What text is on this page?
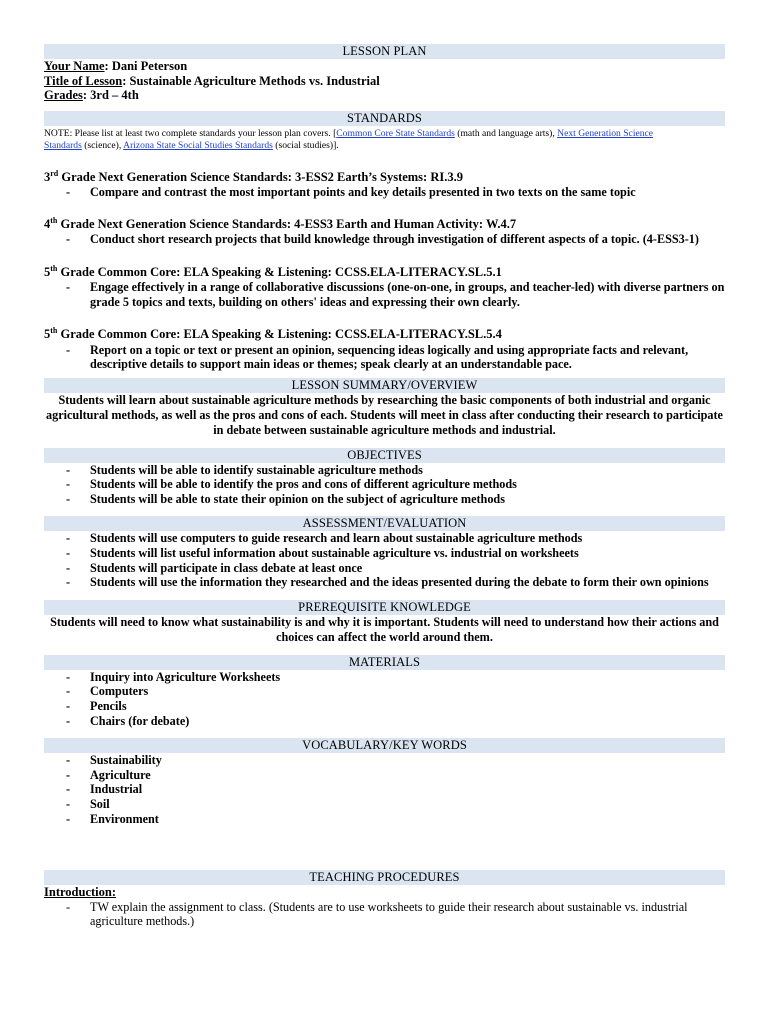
LESSON PLAN
Your Name: Dani Peterson
Title of Lesson: Sustainable Agriculture Methods vs. Industrial
Grades: 3rd – 4th
STANDARDS
NOTE: Please list at least two complete standards your lesson plan covers. [Common Core State Standards (math and language arts), Next Generation Science
Standards (science), Arizona State Social Studies Standards (social studies)].
3rd Grade Next Generation Science Standards: 3-ESS2 Earth’s Systems: RI.3.9
- Compare and contrast the most important points and key details presented in two texts on the same topic
4th Grade Next Generation Science Standards: 4-ESS3 Earth and Human Activity: W.4.7
- Conduct short research projects that build knowledge through investigation of different aspects of a topic. (4-ESS3-1)
5th Grade Common Core: ELA Speaking & Listening: CCSS.ELA-LITERACY.SL.5.1
- Engage effectively in a range of collaborative discussions (one-on-one, in groups, and teacher-led) with diverse partners on grade 5 topics and texts, building on others' ideas and expressing their own clearly.
5th Grade Common Core: ELA Speaking & Listening: CCSS.ELA-LITERACY.SL.5.4
- Report on a topic or text or present an opinion, sequencing ideas logically and using appropriate facts and relevant, descriptive details to support main ideas or themes; speak clearly at an understandable pace.
LESSON SUMMARY/OVERVIEW
Students will learn about sustainable agriculture methods by researching the basic components of both industrial and organic agricultural methods, as well as the pros and cons of each. Students will meet in class after conducting their research to participate in debate between sustainable agriculture methods and industrial.
OBJECTIVES
- Students will be able to identify sustainable agriculture methods
- Students will be able to identify the pros and cons of different agriculture methods
- Students will be able to state their opinion on the subject of agriculture methods
ASSESSMENT/EVALUATION
- Students will use computers to guide research and learn about sustainable agriculture methods
- Students will list useful information about sustainable agriculture vs. industrial on worksheets
- Students will participate in class debate at least once
- Students will use the information they researched and the ideas presented during the debate to form their own opinions
PREREQUISITE KNOWLEDGE
Students will need to know what sustainability is and why it is important. Students will need to understand how their actions and choices can affect the world around them.
MATERIALS
- Inquiry into Agriculture Worksheets
- Computers
- Pencils
- Chairs (for debate)
VOCABULARY/KEY WORDS
- Sustainability
- Agriculture
- Industrial
- Soil
- Environment
TEACHING PROCEDURES
Introduction:
- TW explain the assignment to class. (Students are to use worksheets to guide their research about sustainable vs. industrial agriculture methods.)
